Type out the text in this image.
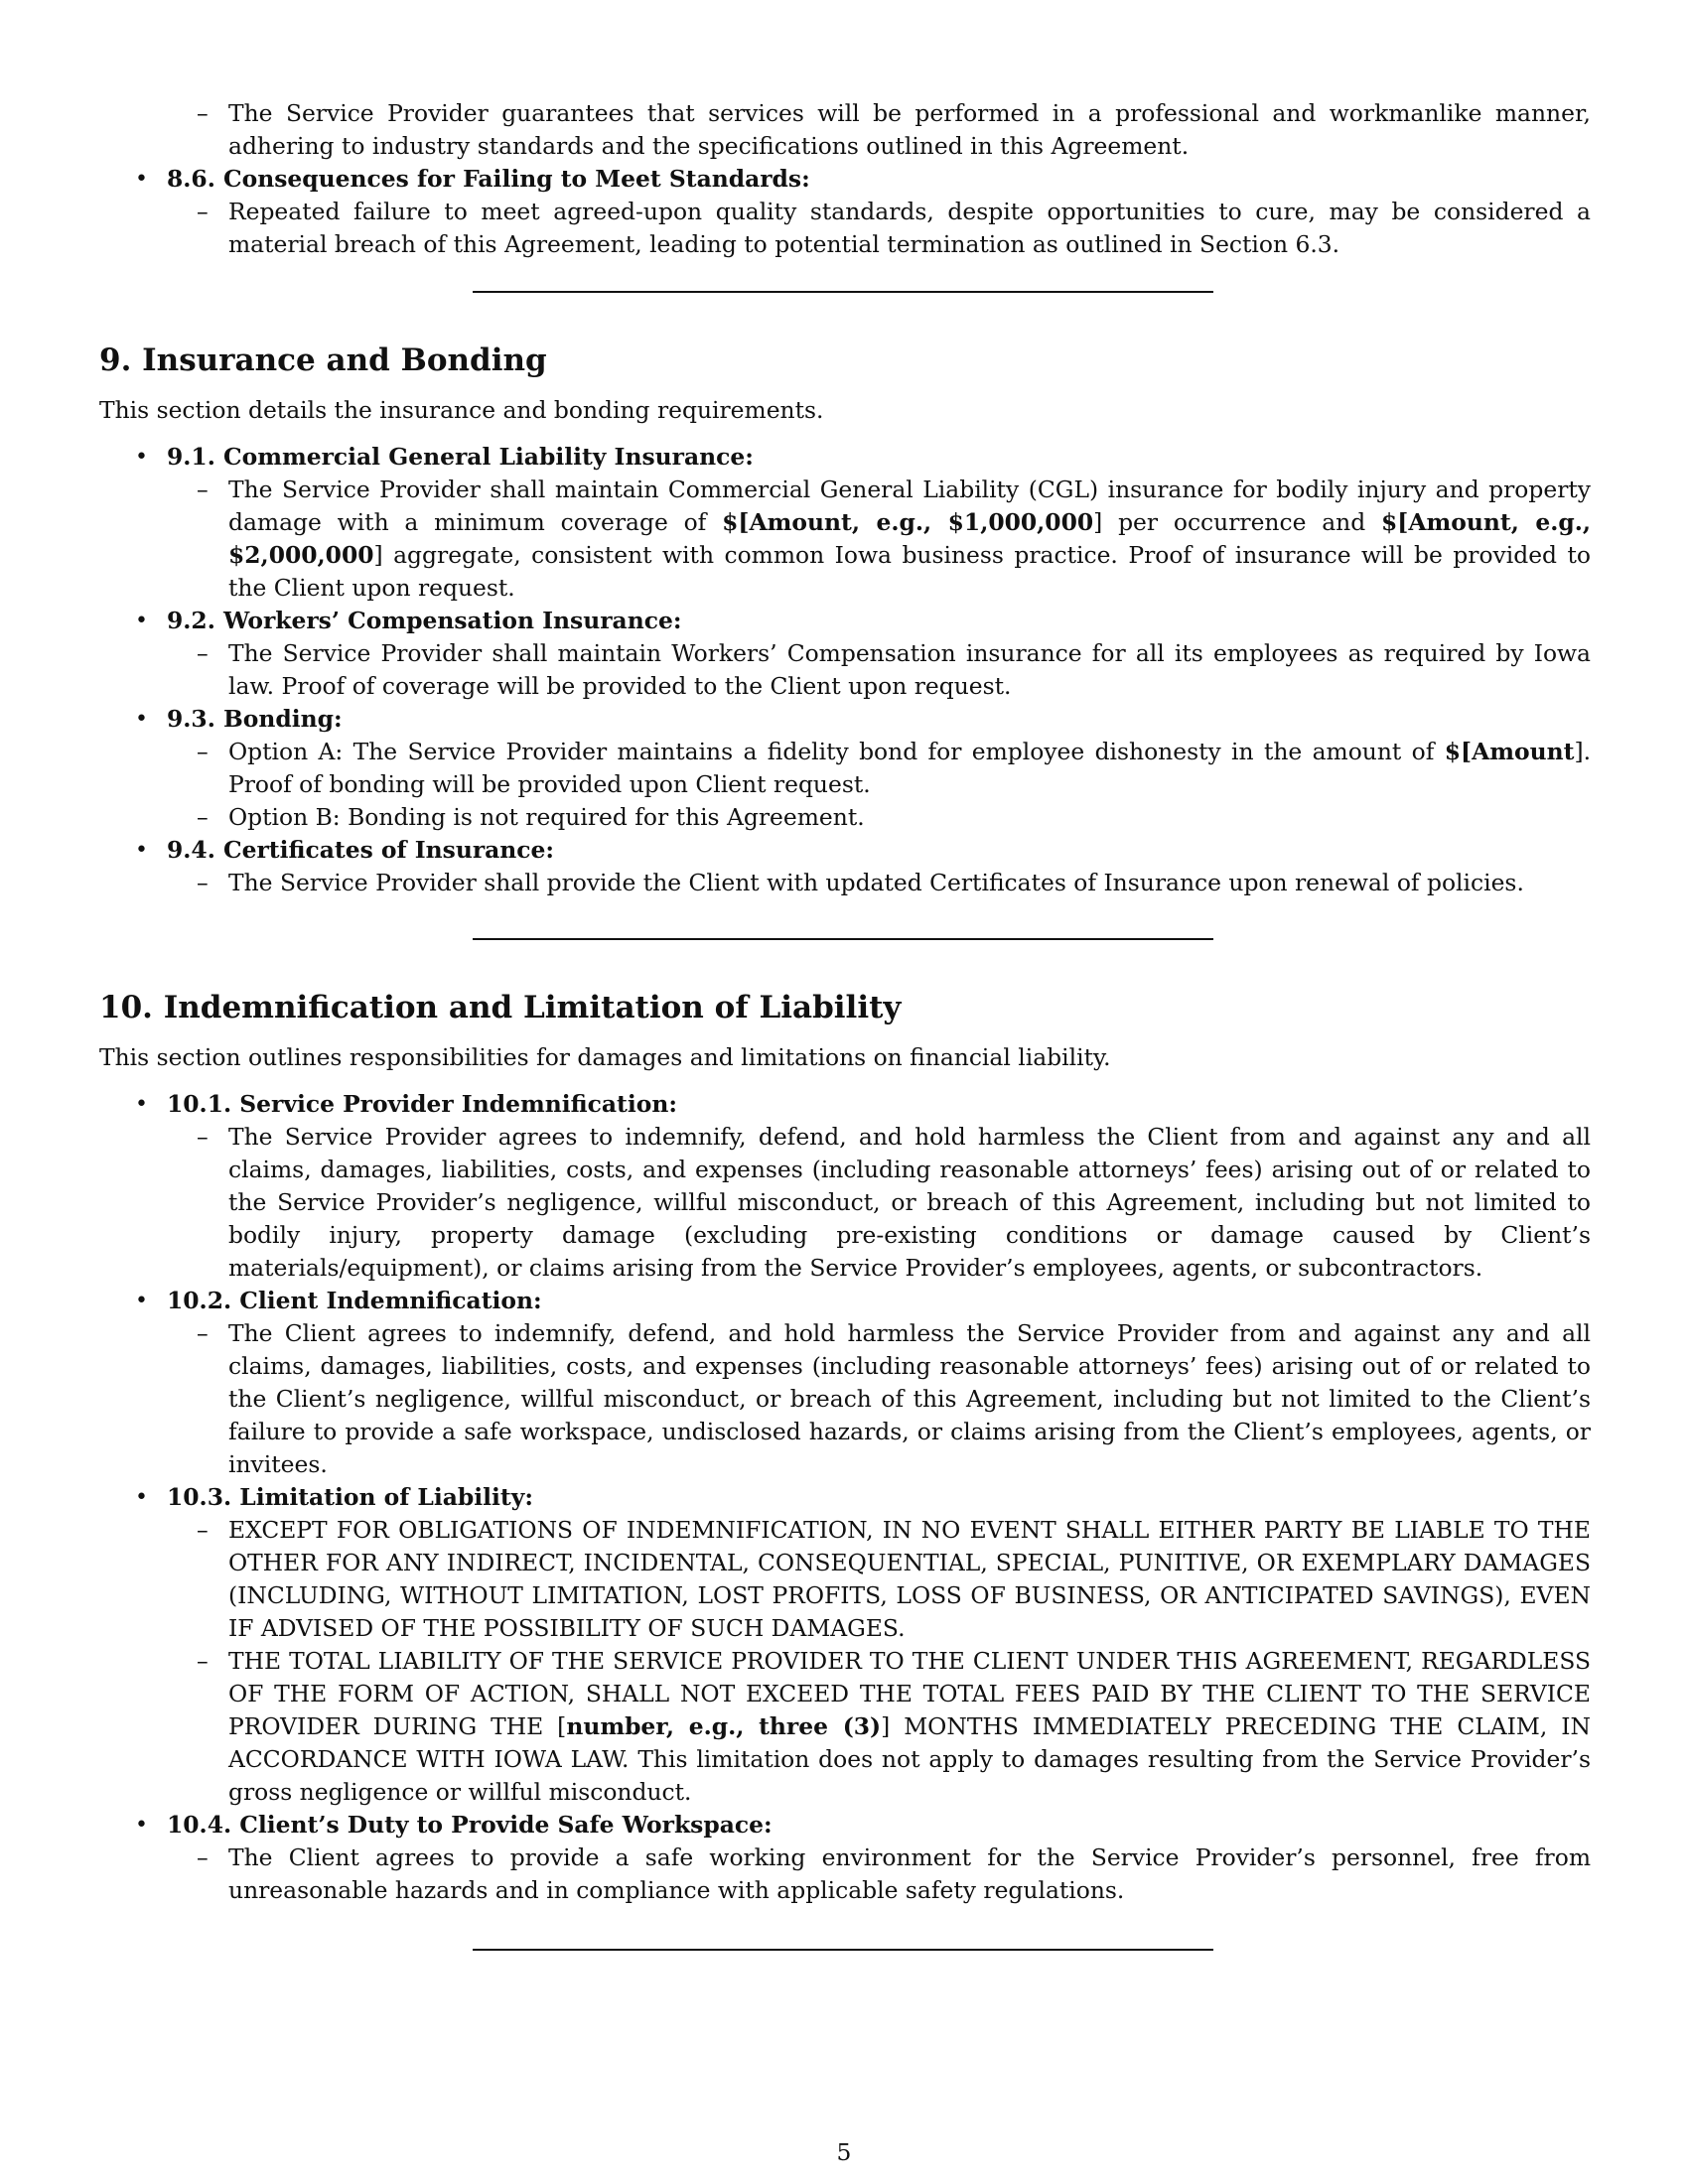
– The Service Provider guarantees that services will be performed in a professional and workmanlike manner, adhering to industry standards and the specifications outlined in this Agreement.
• 8.6. Consequences for Failing to Meet Standards:
– Repeated failure to meet agreed-upon quality standards, despite opportunities to cure, may be considered a material breach of this Agreement, leading to potential termination as outlined in Section 6.3.
9. Insurance and Bonding

This section details the insurance and bonding requirements.

• 9.1. Commercial General Liability Insurance:
– The Service Provider shall maintain Commercial General Liability (CGL) insurance for bodily injury and property damage with a minimum coverage of $[Amount, e.g., $1,000,000] per occurrence and $[Amount, e.g., $2,000,000] aggregate, consistent with common Iowa business practice. Proof of insurance will be provided to the Client upon request.
• 9.2. Workers’ Compensation Insurance:
– The Service Provider shall maintain Workers’ Compensation insurance for all its employees as required by Iowa law. Proof of coverage will be provided to the Client upon request.
• 9.3. Bonding:
– Option A: The Service Provider maintains a fidelity bond for employee dishonesty in the amount of $[Amount]. Proof of bonding will be provided upon Client request.
– Option B: Bonding is not required for this Agreement.
• 9.4. Certificates of Insurance:
– The Service Provider shall provide the Client with updated Certificates of Insurance upon renewal of policies.
10. Indemnification and Limitation of Liability

This section outlines responsibilities for damages and limitations on financial liability.

• 10.1. Service Provider Indemnification:
– The Service Provider agrees to indemnify, defend, and hold harmless the Client from and against any and all claims, damages, liabilities, costs, and expenses (including reasonable attorneys’ fees) arising out of or related to the Service Provider’s negligence, willful misconduct, or breach of this Agreement, including but not limited to bodily injury, property damage (excluding pre-existing conditions or damage caused by Client’s materials/equipment), or claims arising from the Service Provider’s employees, agents, or subcontractors.
• 10.2. Client Indemnification:
– The Client agrees to indemnify, defend, and hold harmless the Service Provider from and against any and all claims, damages, liabilities, costs, and expenses (including reasonable attorneys’ fees) arising out of or related to the Client’s negligence, willful misconduct, or breach of this Agreement, including but not limited to the Client’s failure to provide a safe workspace, undisclosed hazards, or claims arising from the Client’s employees, agents, or invitees.
• 10.3. Limitation of Liability:
– EXCEPT FOR OBLIGATIONS OF INDEMNIFICATION, IN NO EVENT SHALL EITHER PARTY BE LIABLE TO THE OTHER FOR ANY INDIRECT, INCIDENTAL, CONSEQUENTIAL, SPECIAL, PUNITIVE, OR EXEMPLARY DAMAGES (INCLUDING, WITHOUT LIMITATION, LOST PROFITS, LOSS OF BUSINESS, OR ANTICIPATED SAVINGS), EVEN IF ADVISED OF THE POSSIBILITY OF SUCH DAMAGES.
– THE TOTAL LIABILITY OF THE SERVICE PROVIDER TO THE CLIENT UNDER THIS AGREEMENT, REGARDLESS OF THE FORM OF ACTION, SHALL NOT EXCEED THE TOTAL FEES PAID BY THE CLIENT TO THE SERVICE PROVIDER DURING THE [number, e.g., three (3)] MONTHS IMMEDIATELY PRECEDING THE CLAIM, IN ACCORDANCE WITH IOWA LAW. This limitation does not apply to damages resulting from the Service Provider’s gross negligence or willful misconduct.
• 10.4. Client’s Duty to Provide Safe Workspace:
– The Client agrees to provide a safe working environment for the Service Provider’s personnel, free from unreasonable hazards and in compliance with applicable safety regulations.
5
